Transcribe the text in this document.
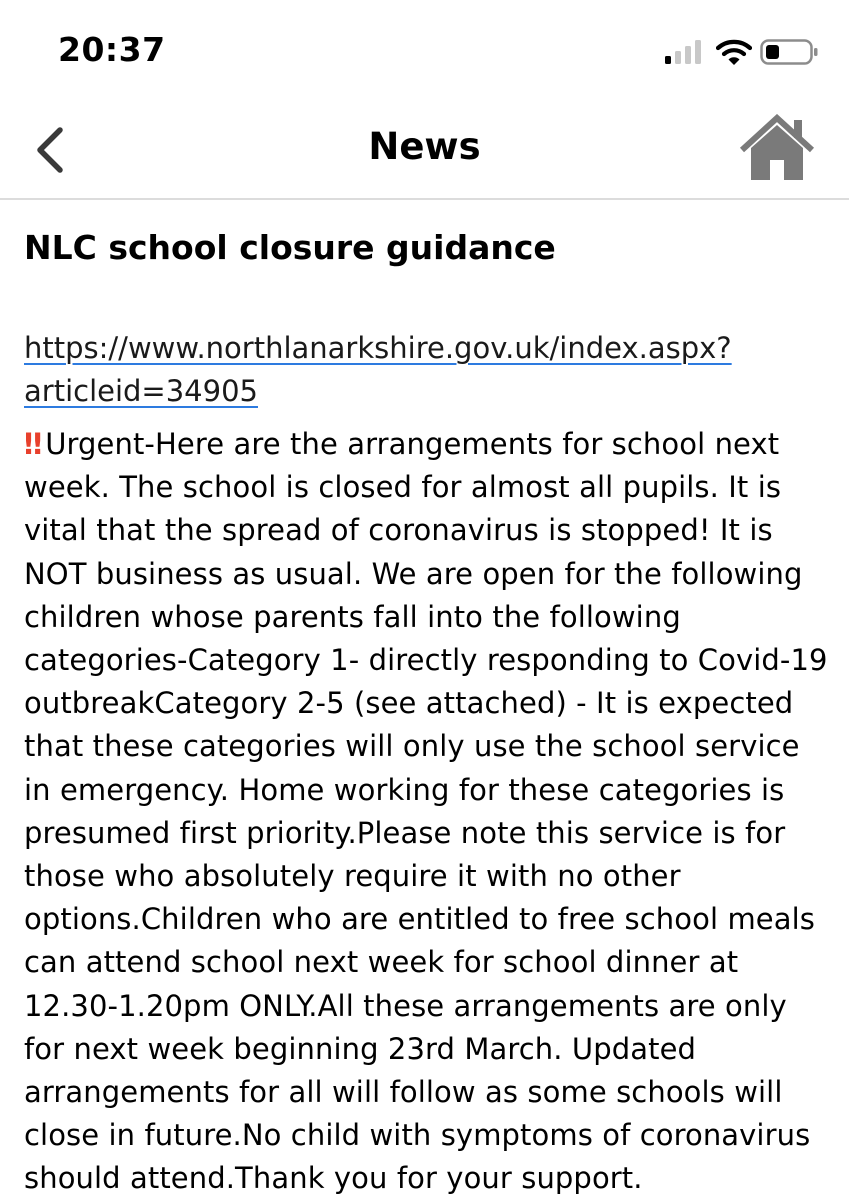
20:37
News
NLC school closure guidance
https://www.northlanarkshire.gov.uk/index.aspx?
articleid=34905
‼ Urgent-Here are the arrangements for school next week. The school is closed for almost all pupils. It is vital that the spread of coronavirus is stopped! It is NOT business as usual. We are open for the following children whose parents fall into the following categories-Category 1- directly responding to Covid-19 outbreakCategory 2-5 (see attached) - It is expected that these categories will only use the school service in emergency. Home working for these categories is presumed first priority.Please note this service is for those who absolutely require it with no other options.Children who are entitled to free school meals can attend school next week for school dinner at 12.30-1.20pm ONLY.All these arrangements are only for next week beginning 23rd March. Updated arrangements for all will follow as some schools will close in future.No child with symptoms of coronavirus should attend.Thank you for your support.
